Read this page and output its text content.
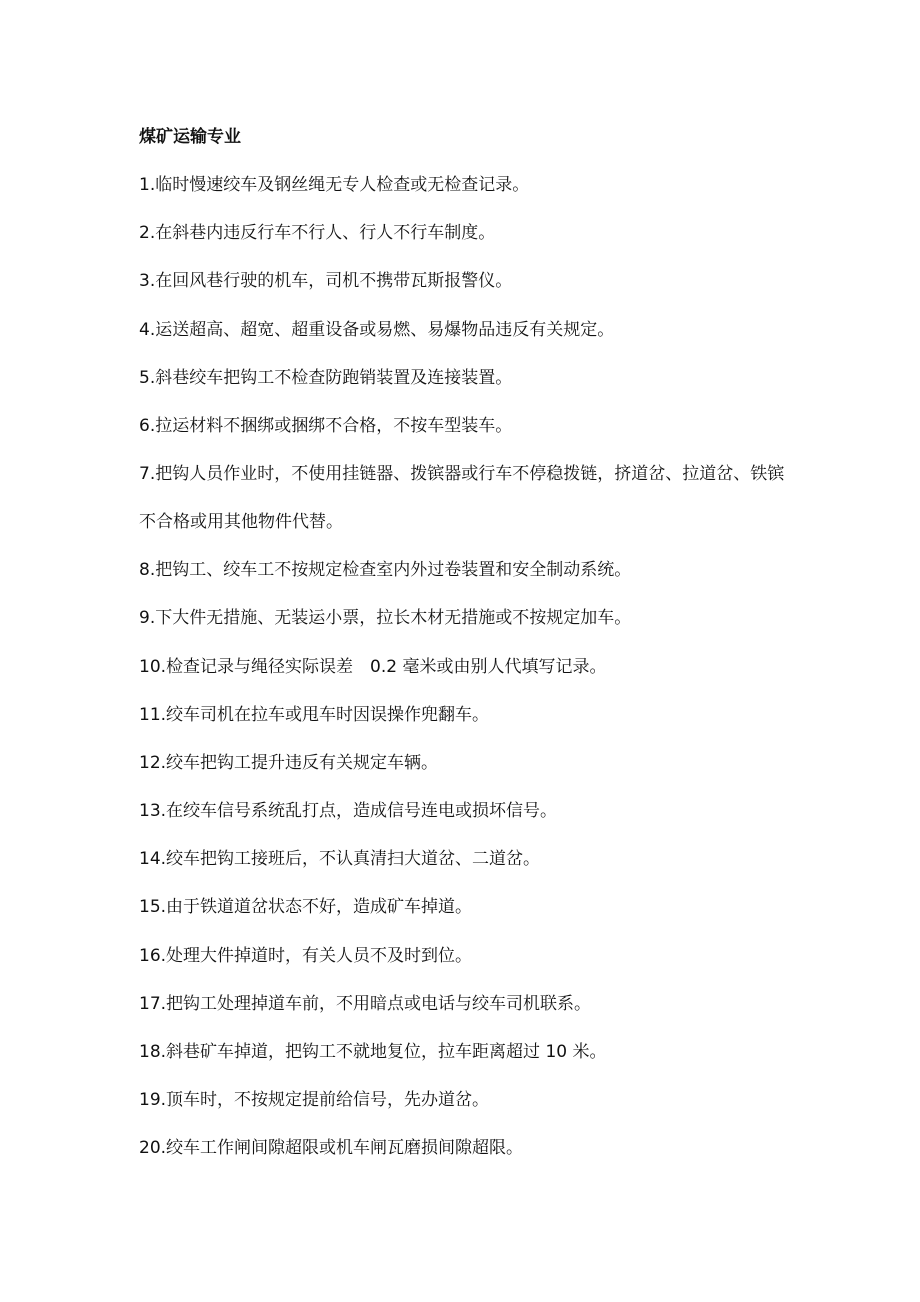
煤矿运输专业
1.临时慢速绞车及钢丝绳无专人检查或无检查记录。
2.在斜巷内违反行车不行人、行人不行车制度。
3.在回风巷行驶的机车，司机不携带瓦斯报警仪。
4.运送超高、超宽、超重设备或易燃、易爆物品违反有关规定。
5.斜巷绞车把钩工不检查防跑销装置及连接装置。
6.拉运材料不捆绑或捆绑不合格，不按车型装车。
7.把钩人员作业时，不使用挂链器、拨镔器或行车不停稳拨链，挤道岔、拉道岔、铁镔不合格或用其他物件代替。
8.把钩工、绞车工不按规定检查室内外过卷装置和安全制动系统。
9.下大件无措施、无装运小票，拉长木材无措施或不按规定加车。
10.检查记录与绳径实际误差　0.2 毫米或由别人代填写记录。
11.绞车司机在拉车或甩车时因误操作兜翻车。
12.绞车把钩工提升违反有关规定车辆。
13.在绞车信号系统乱打点，造成信号连电或损坏信号。
14.绞车把钩工接班后，不认真清扫大道岔、二道岔。
15.由于铁道道岔状态不好，造成矿车掉道。
16.处理大件掉道时，有关人员不及时到位。
17.把钩工处理掉道车前，不用暗点或电话与绞车司机联系。
18.斜巷矿车掉道，把钩工不就地复位，拉车距离超过 10 米。
19.顶车时，不按规定提前给信号，先办道岔。
20.绞车工作闸间隙超限或机车闸瓦磨损间隙超限。
